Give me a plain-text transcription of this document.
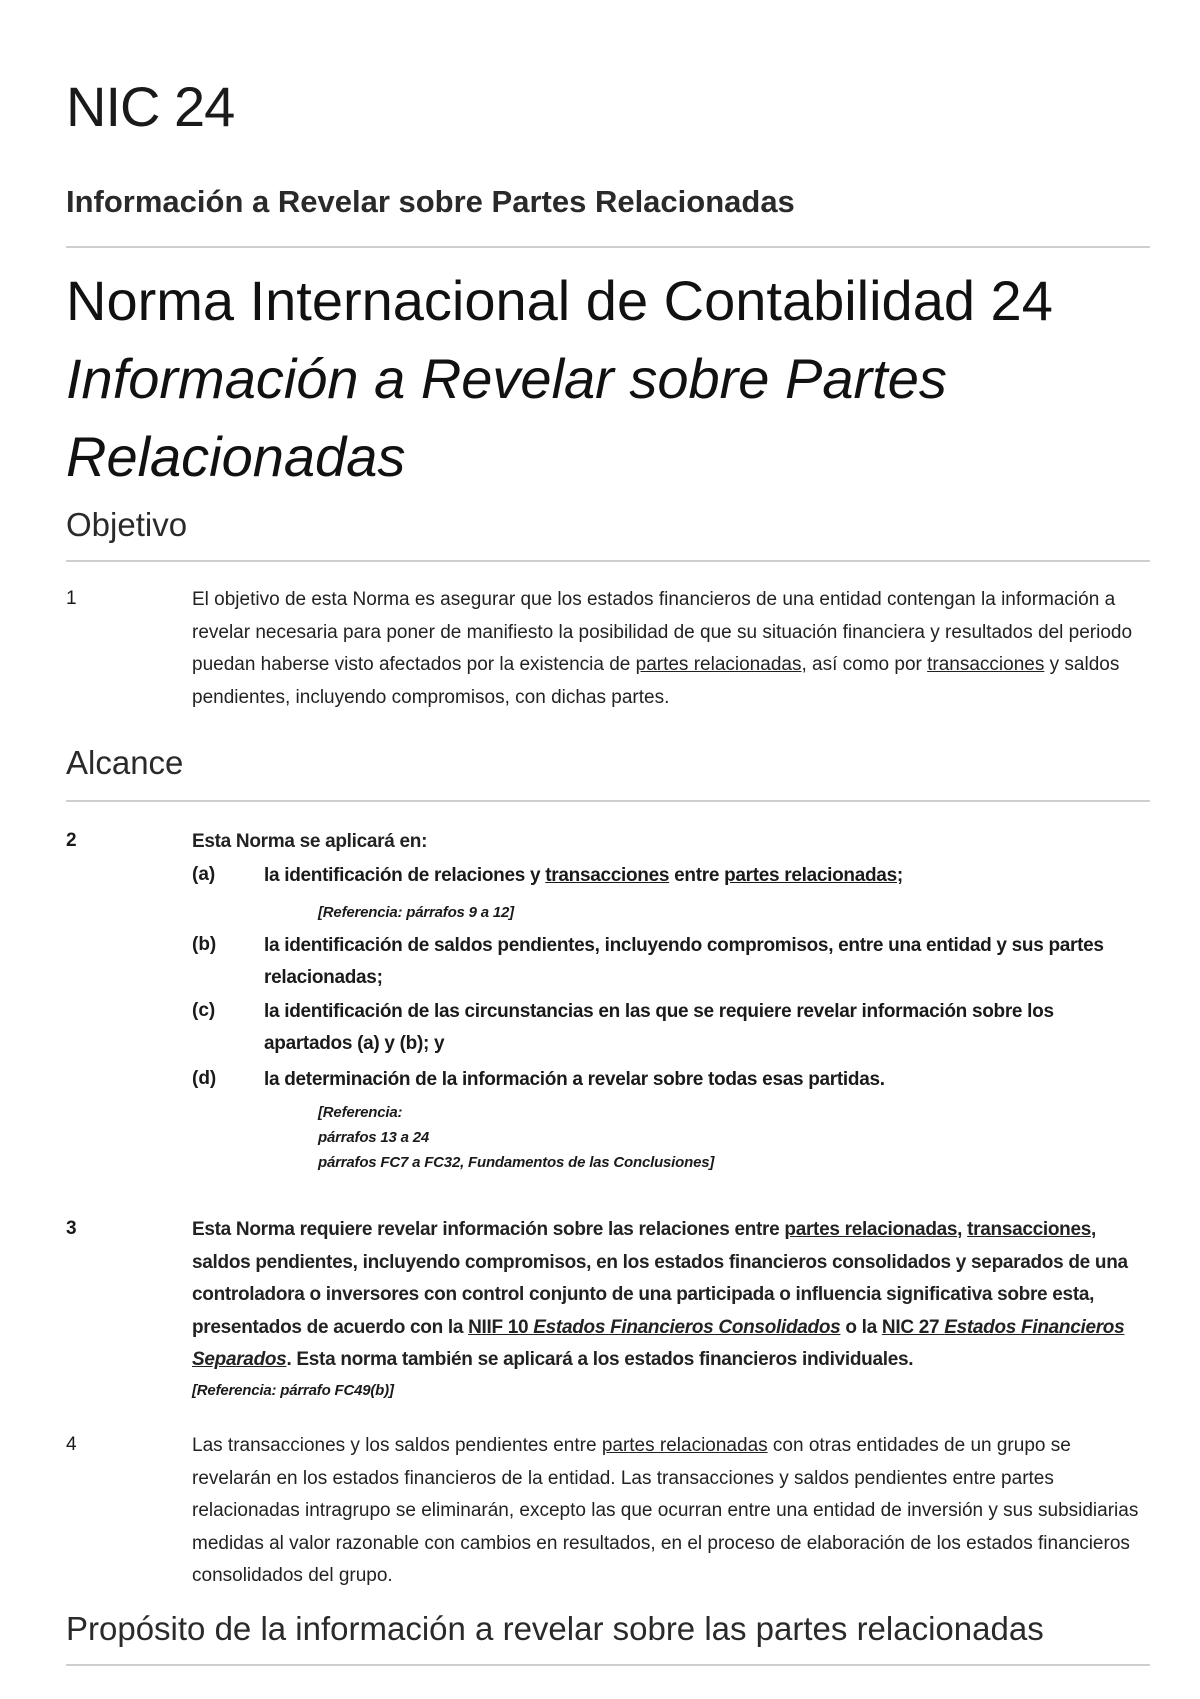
NIC 24
Información a Revelar sobre Partes Relacionadas
Norma Internacional de Contabilidad 24
Información a Revelar sobre Partes
Relacionadas
Objetivo
1	El objetivo de esta Norma es asegurar que los estados financieros de una entidad contengan la información a revelar necesaria para poner de manifiesto la posibilidad de que su situación financiera y resultados del periodo puedan haberse visto afectados por la existencia de partes relacionadas, así como por transacciones y saldos pendientes, incluyendo compromisos, con dichas partes.
Alcance
2	Esta Norma se aplicará en:
(a)	la identificación de relaciones y transacciones entre partes relacionadas;
[Referencia: párrafos 9 a 12]
(b)	la identificación de saldos pendientes, incluyendo compromisos, entre una entidad y sus partes relacionadas;
(c)	la identificación de las circunstancias en las que se requiere revelar información sobre los apartados (a) y (b); y
(d)	la determinación de la información a revelar sobre todas esas partidas.
[Referencia:
párrafos 13 a 24
párrafos FC7 a FC32, Fundamentos de las Conclusiones]
3	Esta Norma requiere revelar información sobre las relaciones entre partes relacionadas, transacciones, saldos pendientes, incluyendo compromisos, en los estados financieros consolidados y separados de una controladora o inversores con control conjunto de una participada o influencia significativa sobre esta, presentados de acuerdo con la NIIF 10 Estados Financieros Consolidados o la NIC 27 Estados Financieros Separados. Esta norma también se aplicará a los estados financieros individuales.
[Referencia: párrafo FC49(b)]
4	Las transacciones y los saldos pendientes entre partes relacionadas con otras entidades de un grupo se revelarán en los estados financieros de la entidad. Las transacciones y saldos pendientes entre partes relacionadas intragrupo se eliminarán, excepto las que ocurran entre una entidad de inversión y sus subsidiarias medidas al valor razonable con cambios en resultados, en el proceso de elaboración de los estados financieros consolidados del grupo.
Propósito de la información a revelar sobre las partes relacionadas
